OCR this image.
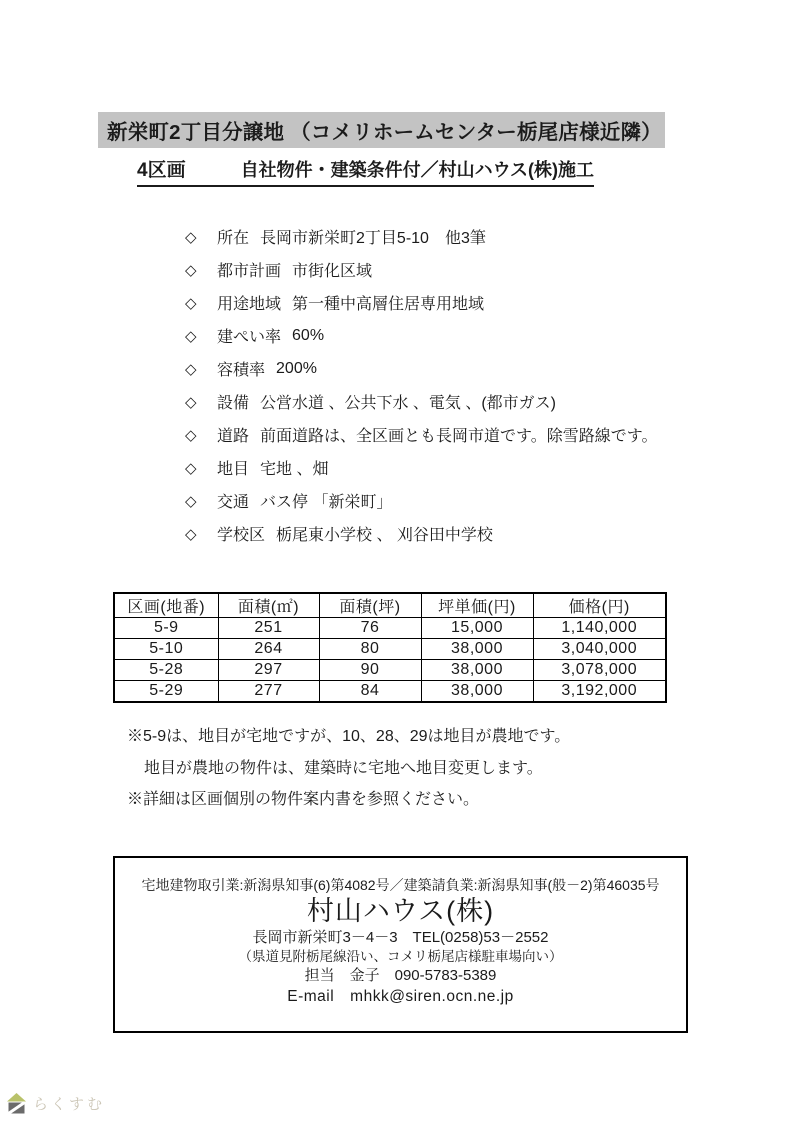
新栄町2丁目分譲地 （コメリホームセンター栃尾店様近隣）
4区画	自社物件・建築条件付／村山ハウス(株)施工
◇ 所在 長岡市新栄町2丁目5-10　他3筆
◇ 都市計画 市街化区域
◇ 用途地域 第一種中高層住居専用地域
◇ 建ぺい率 60%
◇ 容積率 200%
◇ 設備 公営水道 、公共下水 、電気 、(都市ガス)
◇ 道路 前面道路は、全区画とも長岡市道です。除雪路線です。
◇ 地目 宅地 、畑
◇ 交通 バス停 「新栄町」
◇ 学校区 栃尾東小学校 、 刈谷田中学校
区画(地番)	面積(㎡)	面積(坪)	坪単価(円)	価格(円)
5-9	251	76	15,000	1,140,000
5-10	264	80	38,000	3,040,000
5-28	297	90	38,000	3,078,000
5-29	277	84	38,000	3,192,000
※5-9は、地目が宅地ですが、10、28、29は地目が農地です。
地目が農地の物件は、建築時に宅地へ地目変更します。
※詳細は区画個別の物件案内書を参照ください。
宅地建物取引業:新潟県知事(6)第4082号／建築請負業:新潟県知事(般－2)第46035号
村山ハウス(株)
長岡市新栄町3－4－3　TEL(0258)53－2552
（県道見附栃尾線沿い、コメリ栃尾店様駐車場向い）
担当　金子　090-5783-5389
E-mail　mhkk@siren.ocn.ne.jp
らくすむ
